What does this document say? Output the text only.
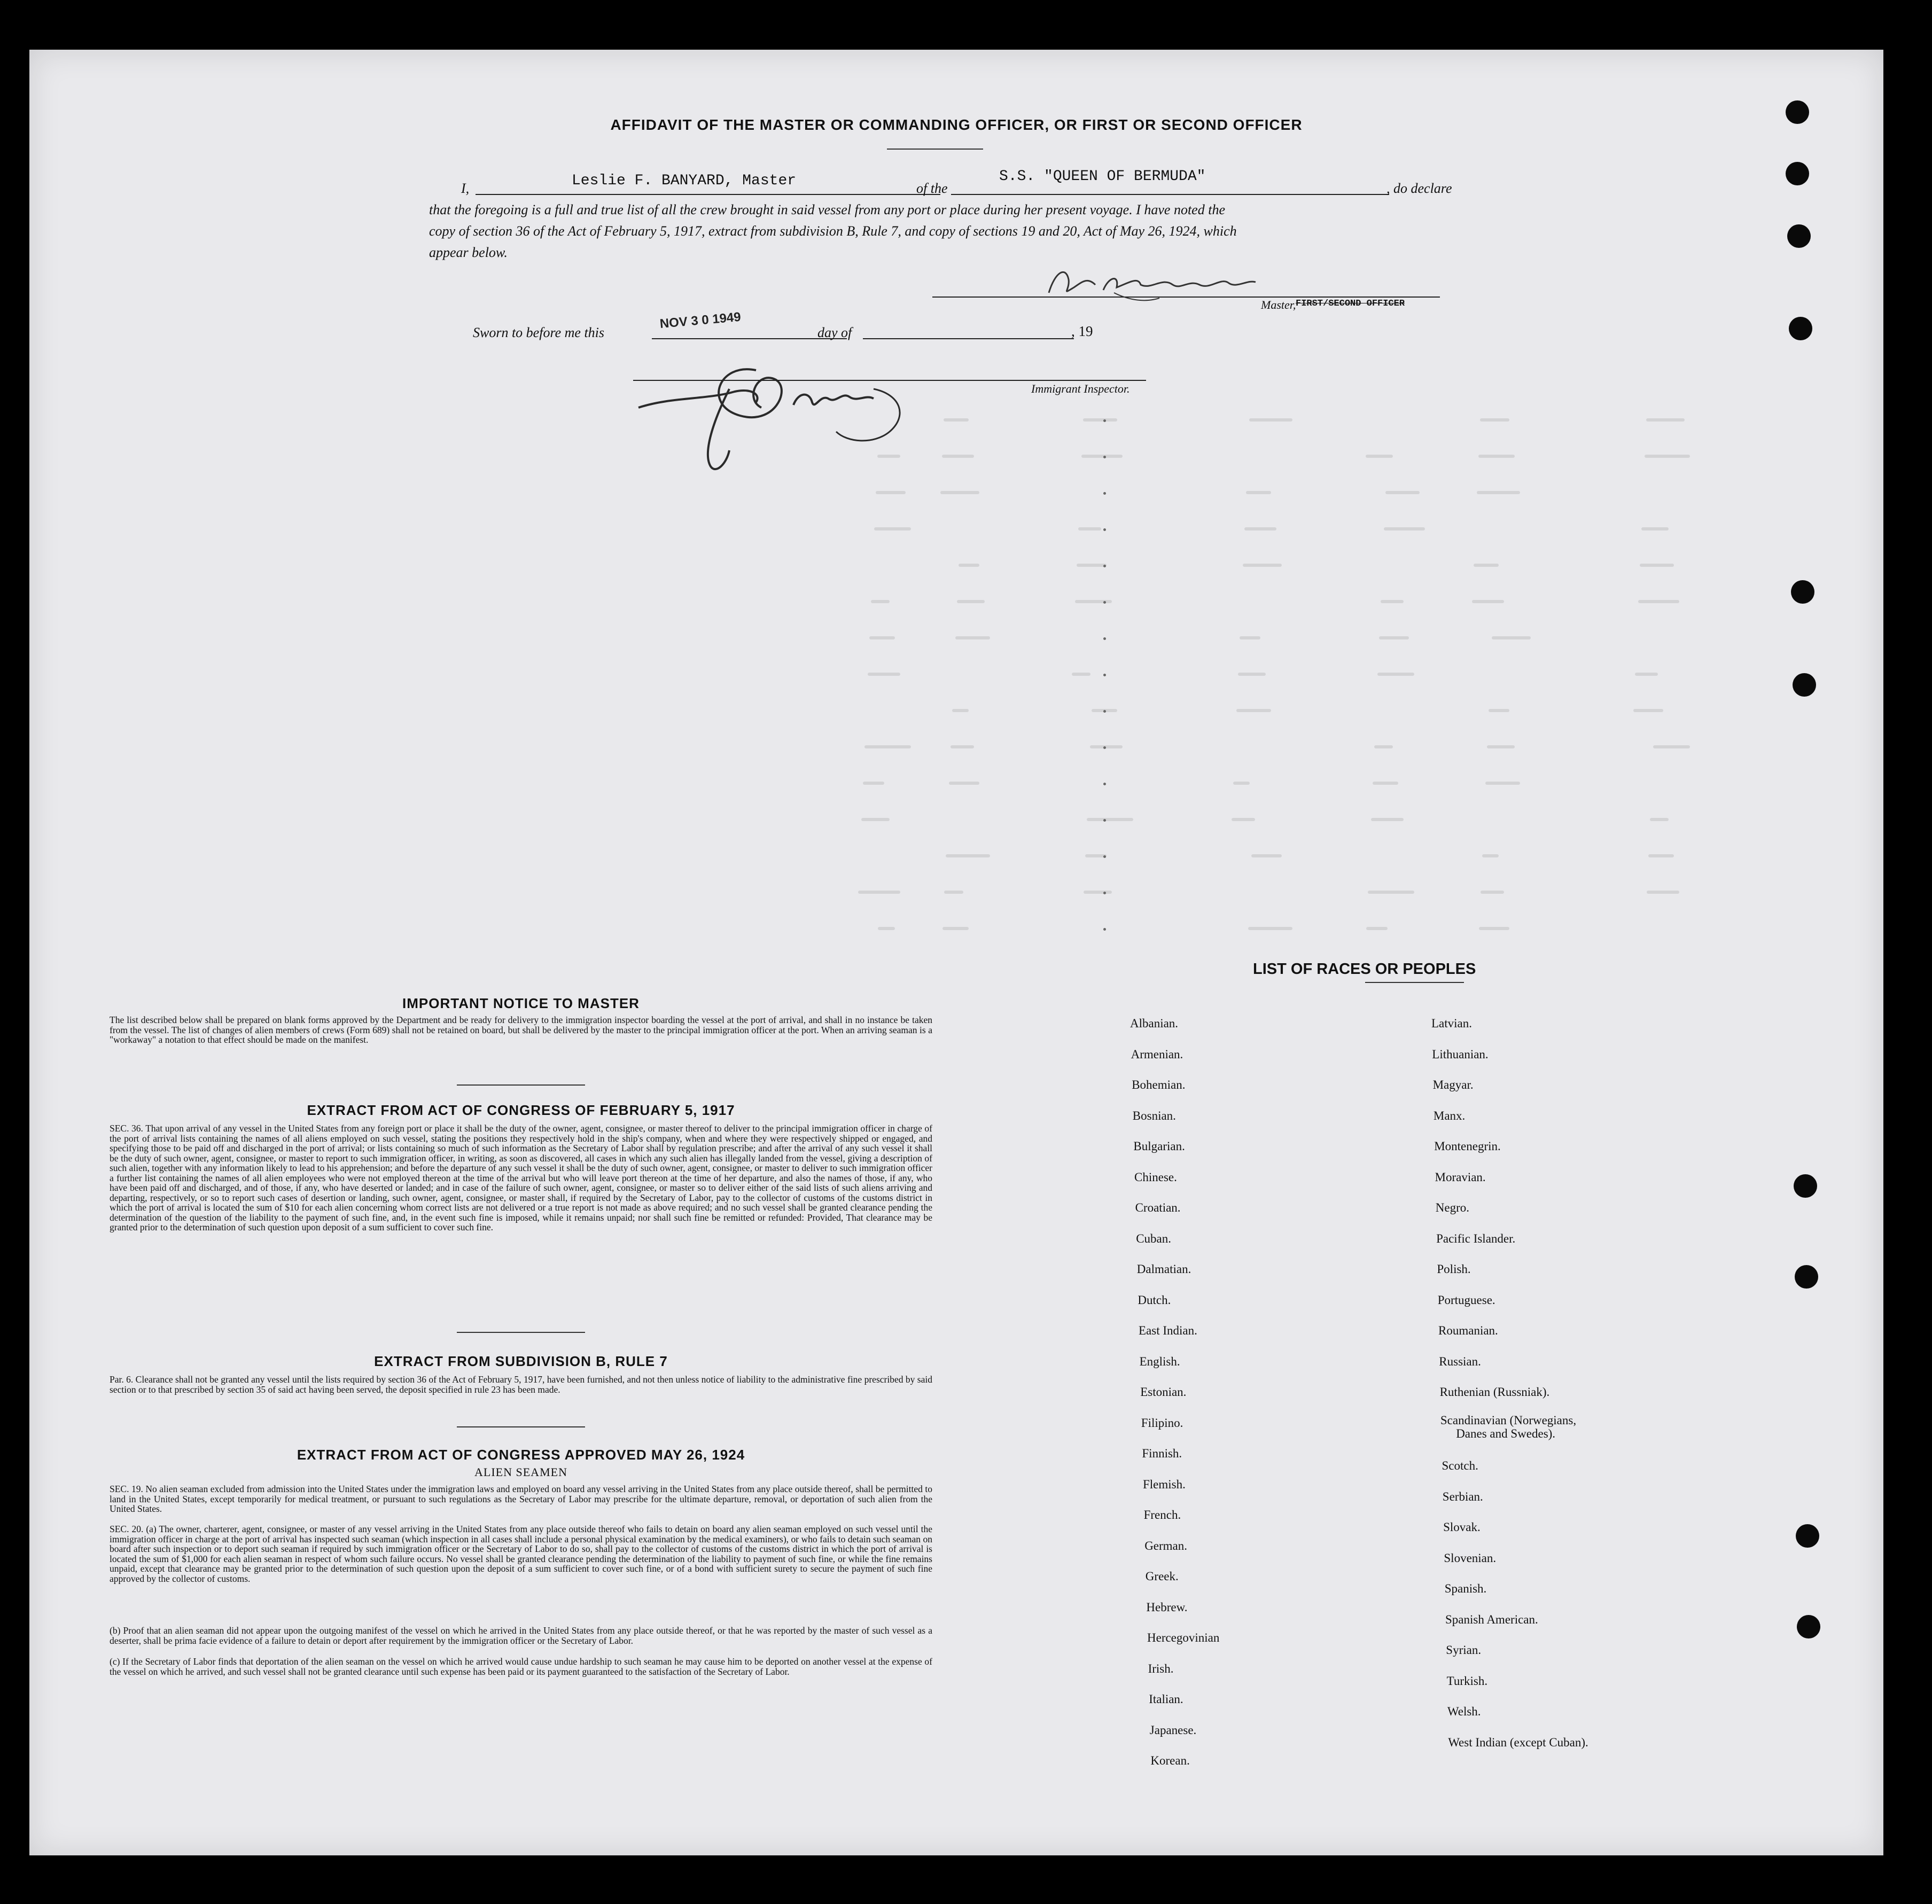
AFFIDAVIT OF THE MASTER OR COMMANDING OFFICER, OR FIRST OR SECOND OFFICER
I,	Leslie F. BANYARD, Master	of the
S.S. "QUEEN OF BERMUDA"
, do declare
that the foregoing is a full and true list of all the crew brought in said vessel from any port or place during her present voyage. I have noted the
copy of section 36 of the Act of February 5, 1917, extract from subdivision B, Rule 7, and copy of sections 19 and 20, Act of May 26, 1924, which
appear below.
Master, FIRST/SECOND OFFICER
Sworn to before me this
NOV 3 0 1949
day of	, 19
Immigrant Inspector.
IMPORTANT NOTICE TO MASTER
The list described below shall be prepared on blank forms approved by the Department and be ready for delivery to the immigration inspector boarding the vessel at the port of arrival, and shall in no instance be taken from the vessel. The list of changes of alien members of crews (Form 689) shall not be retained on board, but shall be delivered by the master to the principal immigration officer at the port. When an arriving seaman is a "workaway" a notation to that effect should be made on the manifest.
EXTRACT FROM ACT OF CONGRESS OF FEBRUARY 5, 1917
SEC. 36. That upon arrival of any vessel in the United States from any foreign port or place it shall be the duty of the owner, agent, consignee, or master thereof to deliver to the principal immigration officer in charge of the port of arrival lists containing the names of all aliens employed on such vessel, stating the positions they respectively hold in the ship's company, when and where they were respectively shipped or engaged, and specifying those to be paid off and discharged in the port of arrival; or lists containing so much of such information as the Secretary of Labor shall by regulation prescribe; and after the arrival of any such vessel it shall be the duty of such owner, agent, consignee, or master to report to such immigration officer, in writing, as soon as discovered, all cases in which any such alien has illegally landed from the vessel, giving a description of such alien, together with any information likely to lead to his apprehension; and before the departure of any such vessel it shall be the duty of such owner, agent, consignee, or master to deliver to such immigration officer a further list containing the names of all alien employees who were not employed thereon at the time of the arrival but who will leave port thereon at the time of her departure, and also the names of those, if any, who have been paid off and discharged, and of those, if any, who have deserted or landed; and in case of the failure of such owner, agent, consignee, or master so to deliver either of the said lists of such aliens arriving and departing, respectively, or so to report such cases of desertion or landing, such owner, agent, consignee, or master shall, if required by the Secretary of Labor, pay to the collector of customs of the customs district in which the port of arrival is located the sum of $10 for each alien concerning whom correct lists are not delivered or a true report is not made as above required; and no such vessel shall be granted clearance pending the determination of the question of the liability to the payment of such fine, and, in the event such fine is imposed, while it remains unpaid; nor shall such fine be remitted or refunded: Provided, That clearance may be granted prior to the determination of such question upon deposit of a sum sufficient to cover such fine.
EXTRACT FROM SUBDIVISION B, RULE 7
Par. 6. Clearance shall not be granted any vessel until the lists required by section 36 of the Act of February 5, 1917, have been furnished, and not then unless notice of liability to the administrative fine prescribed by said section or to that prescribed by section 35 of said act having been served, the deposit specified in rule 23 has been made.
EXTRACT FROM ACT OF CONGRESS APPROVED MAY 26, 1924
ALIEN SEAMEN
SEC. 19. No alien seaman excluded from admission into the United States under the immigration laws and employed on board any vessel arriving in the United States from any place outside thereof, shall be permitted to land in the United States, except temporarily for medical treatment, or pursuant to such regulations as the Secretary of Labor may prescribe for the ultimate departure, removal, or deportation of such alien from the United States.
SEC. 20. (a) The owner, charterer, agent, consignee, or master of any vessel arriving in the United States from any place outside thereof who fails to detain on board any alien seaman employed on such vessel until the immigration officer in charge at the port of arrival has inspected such seaman (which inspection in all cases shall include a personal physical examination by the medical examiners), or who fails to detain such seaman on board after such inspection or to deport such seaman if required by such immigration officer or the Secretary of Labor to do so, shall pay to the collector of customs of the customs district in which the port of arrival is located the sum of $1,000 for each alien seaman in respect of whom such failure occurs. No vessel shall be granted clearance pending the determination of the liability to payment of such fine, or while the fine remains unpaid, except that clearance may be granted prior to the determination of such question upon the deposit of a sum sufficient to cover such fine, or of a bond with sufficient surety to secure the payment of such fine approved by the collector of customs.
(b) Proof that an alien seaman did not appear upon the outgoing manifest of the vessel on which he arrived in the United States from any place outside thereof, or that he was reported by the master of such vessel as a deserter, shall be prima facie evidence of a failure to detain or deport after requirement by the immigration officer or the Secretary of Labor.
(c) If the Secretary of Labor finds that deportation of the alien seaman on the vessel on which he arrived would cause undue hardship to such seaman he may cause him to be deported on another vessel at the expense of the vessel on which he arrived, and such vessel shall not be granted clearance until such expense has been paid or its payment guaranteed to the satisfaction of the Secretary of Labor.
LIST OF RACES OR PEOPLES
Albanian.
Armenian.
Bohemian.
Bosnian.
Bulgarian.
Chinese.
Croatian.
Cuban.
Dalmatian.
Dutch.
East Indian.
English.
Estonian.
Filipino.
Finnish.
Flemish.
French.
German.
Greek.
Hebrew.
Hercegovinian
Irish.
Italian.
Japanese.
Korean.
Latvian.
Lithuanian.
Magyar.
Manx.
Montenegrin.
Moravian.
Negro.
Pacific Islander.
Polish.
Portuguese.
Roumanian.
Russian.
Ruthenian (Russniak).
Scandinavian (Norwegians,
Danes and Swedes).
Scotch.
Serbian.
Slovak.
Slovenian.
Spanish.
Spanish American.
Syrian.
Turkish.
Welsh.
West Indian (except Cuban).
